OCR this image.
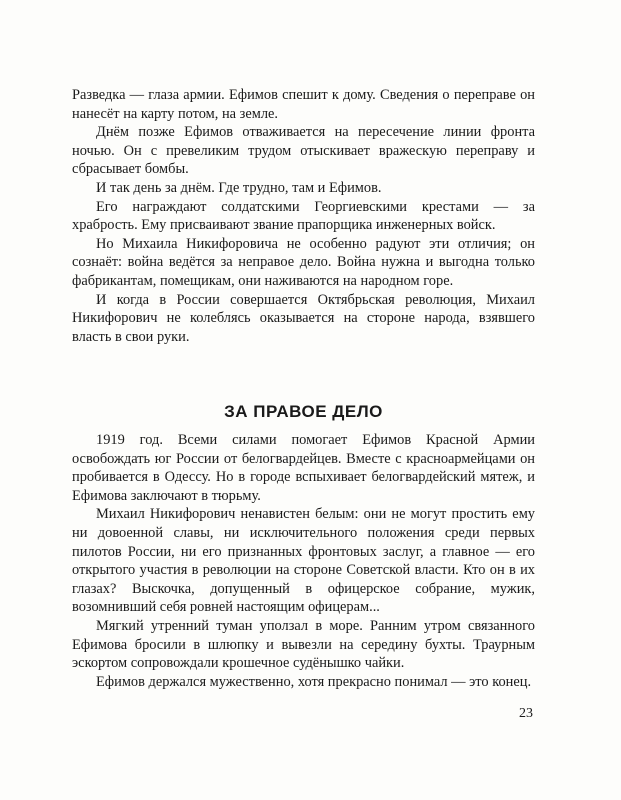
Разведка — глаза армии. Ефимов спешит к дому. Сведения о переправе он нанесёт на карту потом, на земле.

Днём позже Ефимов отваживается на пересечение линии фронта ночью. Он с превеликим трудом отыскивает вражескую переправу и сбрасывает бомбы.

И так день за днём. Где трудно, там и Ефимов.

Его награждают солдатскими Георгиевскими крестами — за храбрость. Ему присваивают звание прапорщика инженерных войск.

Но Михаила Никифоровича не особенно радуют эти отличия; он сознаёт: война ведётся за неправое дело. Война нужна и выгодна только фабрикантам, помещикам, они наживаются на народном горе.

И когда в России совершается Октябрьская революция, Михаил Никифорович не колеблясь оказывается на стороне народа, взявшего власть в свои руки.

ЗА ПРАВОЕ ДЕЛО

1919 год. Всеми силами помогает Ефимов Красной Армии освобождать юг России от белогвардейцев. Вместе с красноармейцами он пробивается в Одессу. Но в городе вспыхивает белогвардейский мятеж, и Ефимова заключают в тюрьму.

Михаил Никифорович ненавистен белым: они не могут простить ему ни довоенной славы, ни исключительного положения среди первых пилотов России, ни его признанных фронтовых заслуг, а главное — его открытого участия в революции на стороне Советской власти. Кто он в их глазах? Выскочка, допущенный в офицерское собрание, мужик, возомнивший себя ровней настоящим офицерам...

Мягкий утренний туман уползал в море. Ранним утром связанного Ефимова бросили в шлюпку и вывезли на середину бухты. Траурным эскортом сопровождали крошечное судёнышко чайки.

Ефимов держался мужественно, хотя прекрасно понимал — это конец.

23
